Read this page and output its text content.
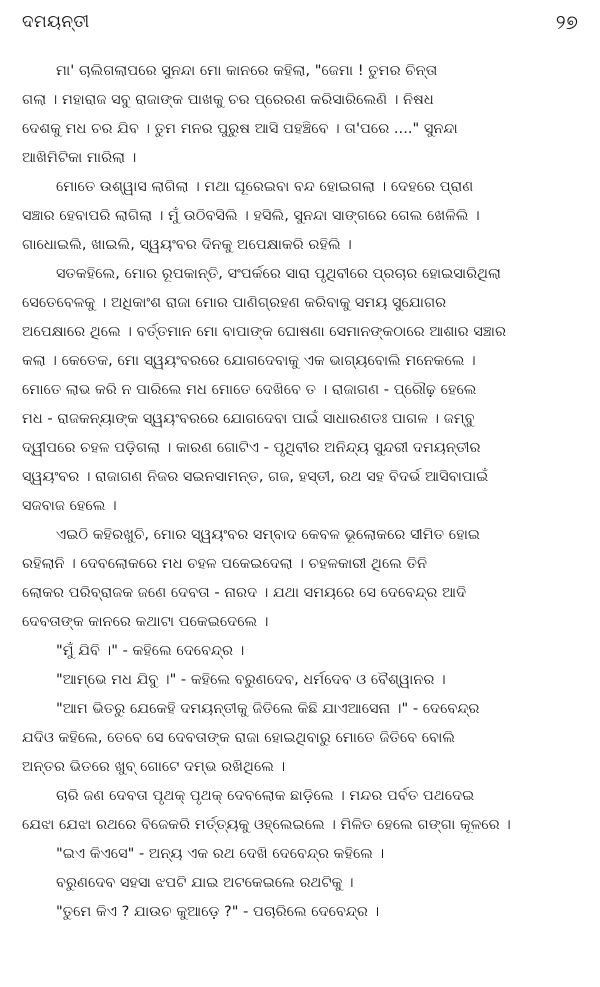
ଦମୟନ୍ତୀ	୨୭

ମା' ଚାଲିଗଲାପରେ ସୁନନ୍ଦା ମୋ କାନରେ କହିଲା, "ଜେମା ! ତୁମର ଚିନ୍ତା
ଗଲା । ମହାରାଜ ସବୁ ରାଜାଙ୍କ ପାଖକୁ ଚର ପ୍ରେରଣ କରିସାରିଲେଣି । ନିଷଧ
ଦେଶକୁ ମଧ ଚର ଯିବ । ତୁମ ମନର ପୁରୁଷ ଆସି ପହଞ୍ଚିବେ । ତା'ପରେ ...." ସୁନନ୍ଦା
ଆଖିମିଟିକା ମାରିଲା ।

ମୋତେ ଉଶ୍ୱାସ ଲାଗିଲା । ମଥା ଘୂରେଇବା ବନ୍ଦ ହୋଇଗଲା । ଦେହରେ ପ୍ରାଣ
ସଞ୍ଚାର ହେବାପରି ଲାଗିଲା । ମୁଁ ଉଠିବସିଲି । ହସିଲି, ସୁନନ୍ଦା ସାଙ୍ଗରେ ଗେଲ ଖେଳିଲି ।
ଗାଧୋଇଲି, ଖାଇଲି, ସ୍ୱୟଂବର ଦିନକୁ ଅପେକ୍ଷାକରି ରହିଲି ।

ସତକହିଲେ, ମୋର ରୂପକାନ୍ତି, ସଂପର୍କରେ ସାରା ପୃଥିବୀରେ ପ୍ରଚାର ହୋଇସାରିଥିଲା
ସେତେବେଳକୁ । ଅଧିକାଂଶ ରାଜା ମୋର ପାଣିଗ୍ରହଣ କରିବାକୁ ସମୟ ସୁଯୋଗର
ଅପେକ୍ଷାରେ ଥିଲେ । ବର୍ତ୍ତମାନ ମୋ ବାପାଙ୍କ ଘୋଷଣା ସେମାନଙ୍କଠାରେ ଆଶାର ସଞ୍ଚାର
କଲା । କେତେକ, ମୋ ସ୍ୱୟଂବରରେ ଯୋଗଦେବାକୁ ଏକ ଭାଗ୍ୟବୋଲି ମନେକଲେ ।
ମୋତେ ଲାଭ କରି ନ ପାରିଲେ ମଧ ମୋତେ ଦେଖିବେ ତ । ରାଜାଗଣ - ପ୍ରୌଢ଼ ହେଲେ
ମଧ - ରାଜକନ୍ୟାଙ୍କ ସ୍ୱୟଂବରରେ ଯୋଗଦେବା ପାଇଁ ସାଧାରଣତଃ ପାଗଳ । ଜମ୍ବୁ
ଦ୍ୱୀପରେ ଚହଳ ପଡ଼ିଗଲା । କାରଣ ଗୋଟିଏ - ପୃଥିବୀର ଅନିନ୍ଦ୍ୟ ସୁନ୍ଦରୀ ଦମୟନ୍ତୀର
ସ୍ୱୟଂବର । ରାଜାଗଣ ନିଜର ସଇନସାମନ୍ତ, ଗଜ, ହସ୍ତୀ, ରଥ ସହ ବିଦର୍ଭ ଆସିବାପାଇଁ
ସଜବାଜ ହେଲେ ।

ଏଇଠି କହିରଖୁଚି, ମୋର ସ୍ୱୟଂବର ସମ୍ବାଦ କେବଳ ଭୂଲୋକରେ ସୀମିତ ହୋଇ
ରହିଲାନି । ଦେବଲୋକରେ ମଧ ଚହଳ ପକେଇଦେଲା । ଚହଳକାରୀ ଥିଲେ ତିନି
ଲୋକର ପରିବ୍ରାଜକ ଜଣେ ଦେବତା - ନାରଦ । ଯଥା ସମୟରେ ସେ ଦେବେନ୍ଦ୍ର ଆଦି
ଦେବତାଙ୍କ କାନରେ କଥାଟା ପକେଇଦେଲେ ।

"ମୁଁ ଯିବି ।" - କହିଲେ ଦେବେନ୍ଦ୍ର ।

"ଆମ୍ଭେ ମଧ ଯିବୁ ।" - କହିଲେ ବରୁଣଦେବ, ଧର୍ମଦେବ ଓ ବୈଶ୍ୱାନର ।

"ଆମ ଭିତରୁ ଯେକେହି ଦମୟନ୍ତୀକୁ ଜିତିଲେ କିଛି ଯାଏଆସେନା ।" - ଦେବେନ୍ଦ୍ର
ଯଦିଓ କହିଲେ, ତେବେ ସେ ଦେବତାଙ୍କ ରାଜା ହୋଇଥିବାରୁ ମୋତେ ଜିତିବେ ବୋଲି
ଅନ୍ତର ଭିତରେ ଖୁବ୍ ଗୋଟେ ଦମ୍ଭ ରଖିଥିଲେ ।

ଚାରି ଜଣ ଦେବତା ପୃଥକ୍ ପୃଥକ୍ ଦେବଲୋକ ଛାଡ଼ିଲେ । ମନ୍ଦର ପର୍ବତ ପଥଦେଇ
ଯେଝା ଯେଝା ରଥରେ ବିଜେକରି ମର୍ତ୍ତ୍ୟକୁ ଓହ୍ଲେଇଲେ । ମିଳିତ ହେଲେ ଗଙ୍ଗା କୂଳରେ ।

"ଇଏ କିଏସେ" - ଅନ୍ୟ ଏକ ରଥ ଦେଖି ଦେବେନ୍ଦ୍ର କହିଲେ ।

ବରୁଣଦେବ ସହସା ଝପଟି ଯାଇ ଅଟକେଇଲେ ରଥଟିକୁ ।

"ତୁମେ କିଏ ? ଯାଉଚ କୁଆଡ଼େ ?" - ପଚାରିଲେ ଦେବେନ୍ଦ୍ର ।
